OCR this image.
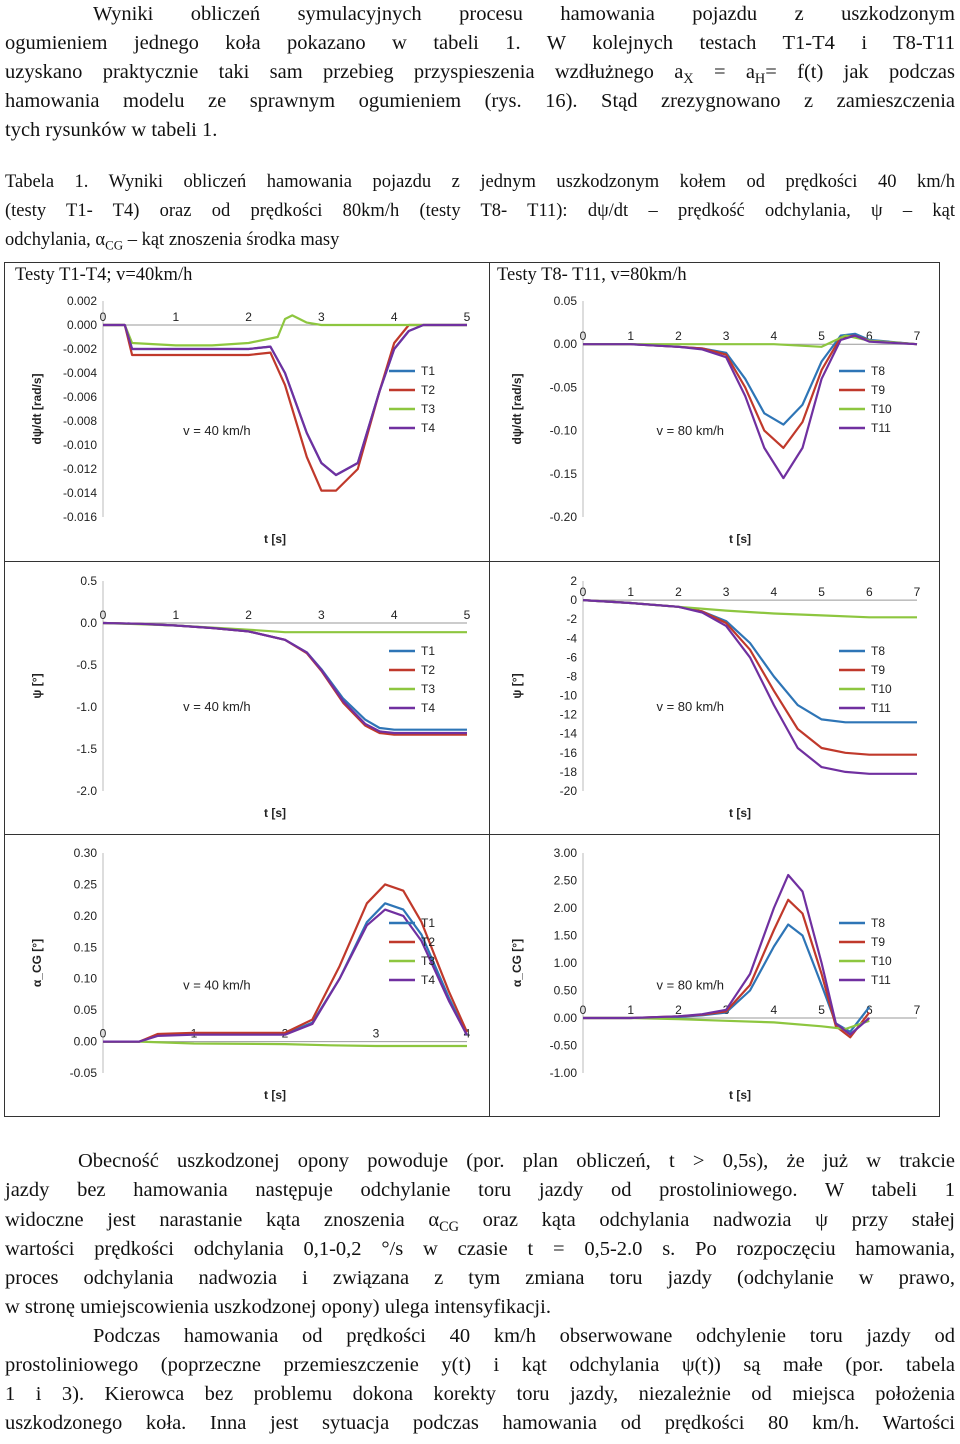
Wyniki obliczeń symulacyjnych procesu hamowania pojazdu z uszkodzonym

ogumieniem jednego koła pokazano w tabeli 1. W kolejnych testach T1-T4 i T8-T11

uzyskano praktycznie taki sam przebieg przyspieszenia wzdłużnego $a_X = a_H= f(t)$ jak podczas

hamowania modelu ze sprawnym ogumieniem (rys. 16). Stąd zrezygnowano z zamieszczenia

tych rysunków w tabeli 1.

Tabela 1. Wyniki obliczeń hamowania pojazdu z jednym uszkodzonym kołem od prędkości 40 km/h

(testy T1- T4) oraz od prędkości 80km/h (testy T8- T11): dψ/dt – prędkość odchylania, ψ – kąt

odchylania, $\alpha_{CG}$ – kąt znoszenia środka masy

Testy T1-T4; v=40km/h	Testy T8- T11, v=80km/h
0.002
0.000
-0.002
-0.004
-0.006
-0.008
-0.010
-0.012
-0.014
-0.016
0	1	2	3	4	5
dψ/dt [rad/s]
t [s]
T1
T2
T3
T4
v = 40 km/h
0.05
0.00
-0.05
-0.10
-0.15
-0.20
0	1	2	3	4	5	6	7
dψ/dt [rad/s]
t [s]
T8
T9
T10
T11
v = 80 km/h
0.5
0.0
-0.5
-1.0
-1.5
-2.0
0	1	2	3	4	5
ψ [°]
t [s]
T1
T2
T3
T4
v = 40 km/h
2
0
-2
-4
-6
-8
-10
-12
-14
-16
-18
-20
0	1	2	3	4	5	6	7
ψ [°]
t [s]
T8
T9
T10
T11
v = 80 km/h
0.30
0.25
0.20
0.15
0.10
0.05
0.00
-0.05
0	1	2	3	4
α_CG [°]
t [s]
T1
T2
T3
T4
v = 40 km/h
3.00
2.50
2.00
1.50
1.00
0.50
0.00
-0.50
-1.00
0	1	2	3	4	5	6	7
α_CG [°]
t [s]
T8
T9
T10
T11
v = 80 km/h

Obecność uszkodzonej opony powoduje (por. plan obliczeń, t > 0,5s), że już w trakcie

jazdy bez hamowania następuje odchylanie toru jazdy od prostoliniowego. W tabeli 1

widoczne jest narastanie kąta znoszenia $\alpha_{CG}$ oraz kąta odchylania nadwozia ψ przy stałej

wartości prędkości odchylania 0,1-0,2 °/s w czasie t = 0,5-2.0 s. Po rozpoczęciu hamowania,

proces odchylania nadwozia i związana z tym zmiana toru jazdy (odchylanie w prawo,

w stronę umiejscowienia uszkodzonej opony) ulega intensyfikacji.

Podczas hamowania od prędkości 40 km/h obserwowane odchylenie toru jazdy od

prostoliniowego (poprzeczne przemieszczenie y(t) i kąt odchylania ψ(t)) są małe (por. tabela

1 i 3). Kierowca bez problemu dokona korekty toru jazdy, niezależnie od miejsca położenia

uszkodzonego koła. Inna jest sytuacja podczas hamowania od prędkości 80 km/h. Wartości
